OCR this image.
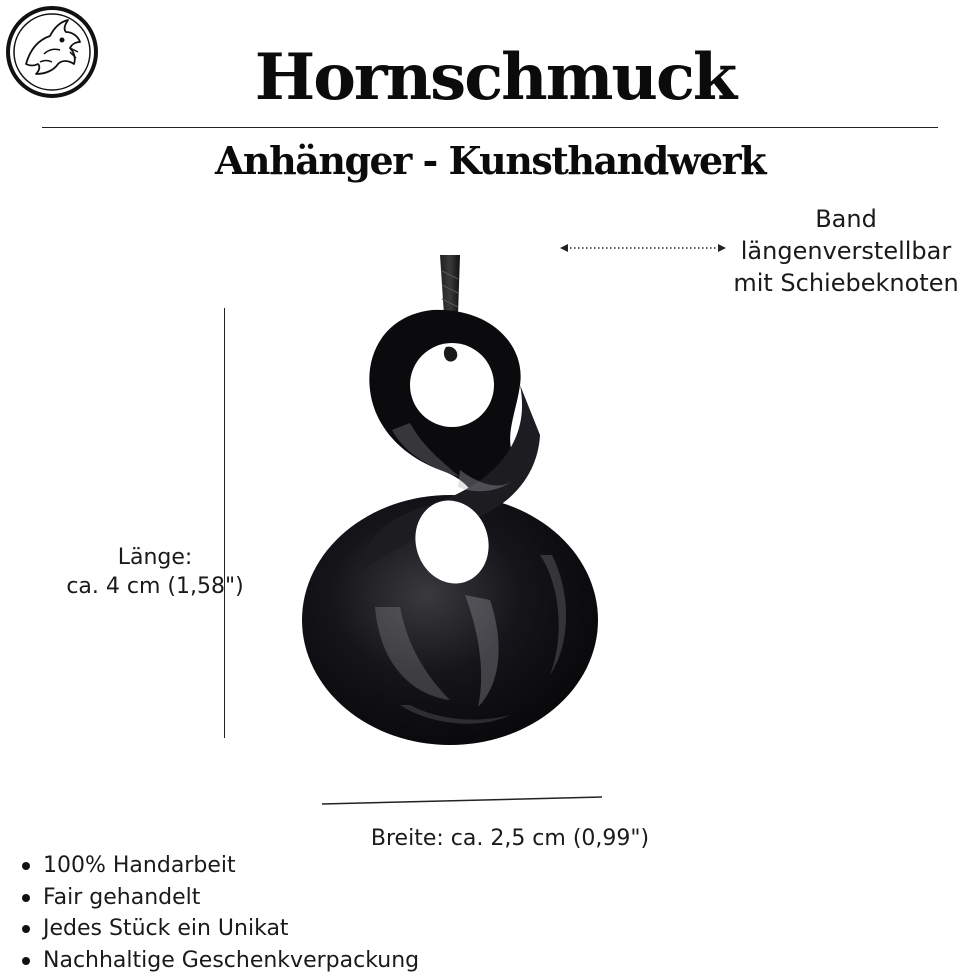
Hornschmuck
Anhänger - Kunsthandwerk
Band
längenverstellbar
mit Schiebeknoten
Länge:
ca. 4 cm (1,58")
Breite: ca. 2,5 cm (0,99")
100% Handarbeit
Fair gehandelt
Jedes Stück ein Unikat
Nachhaltige Geschenkverpackung
